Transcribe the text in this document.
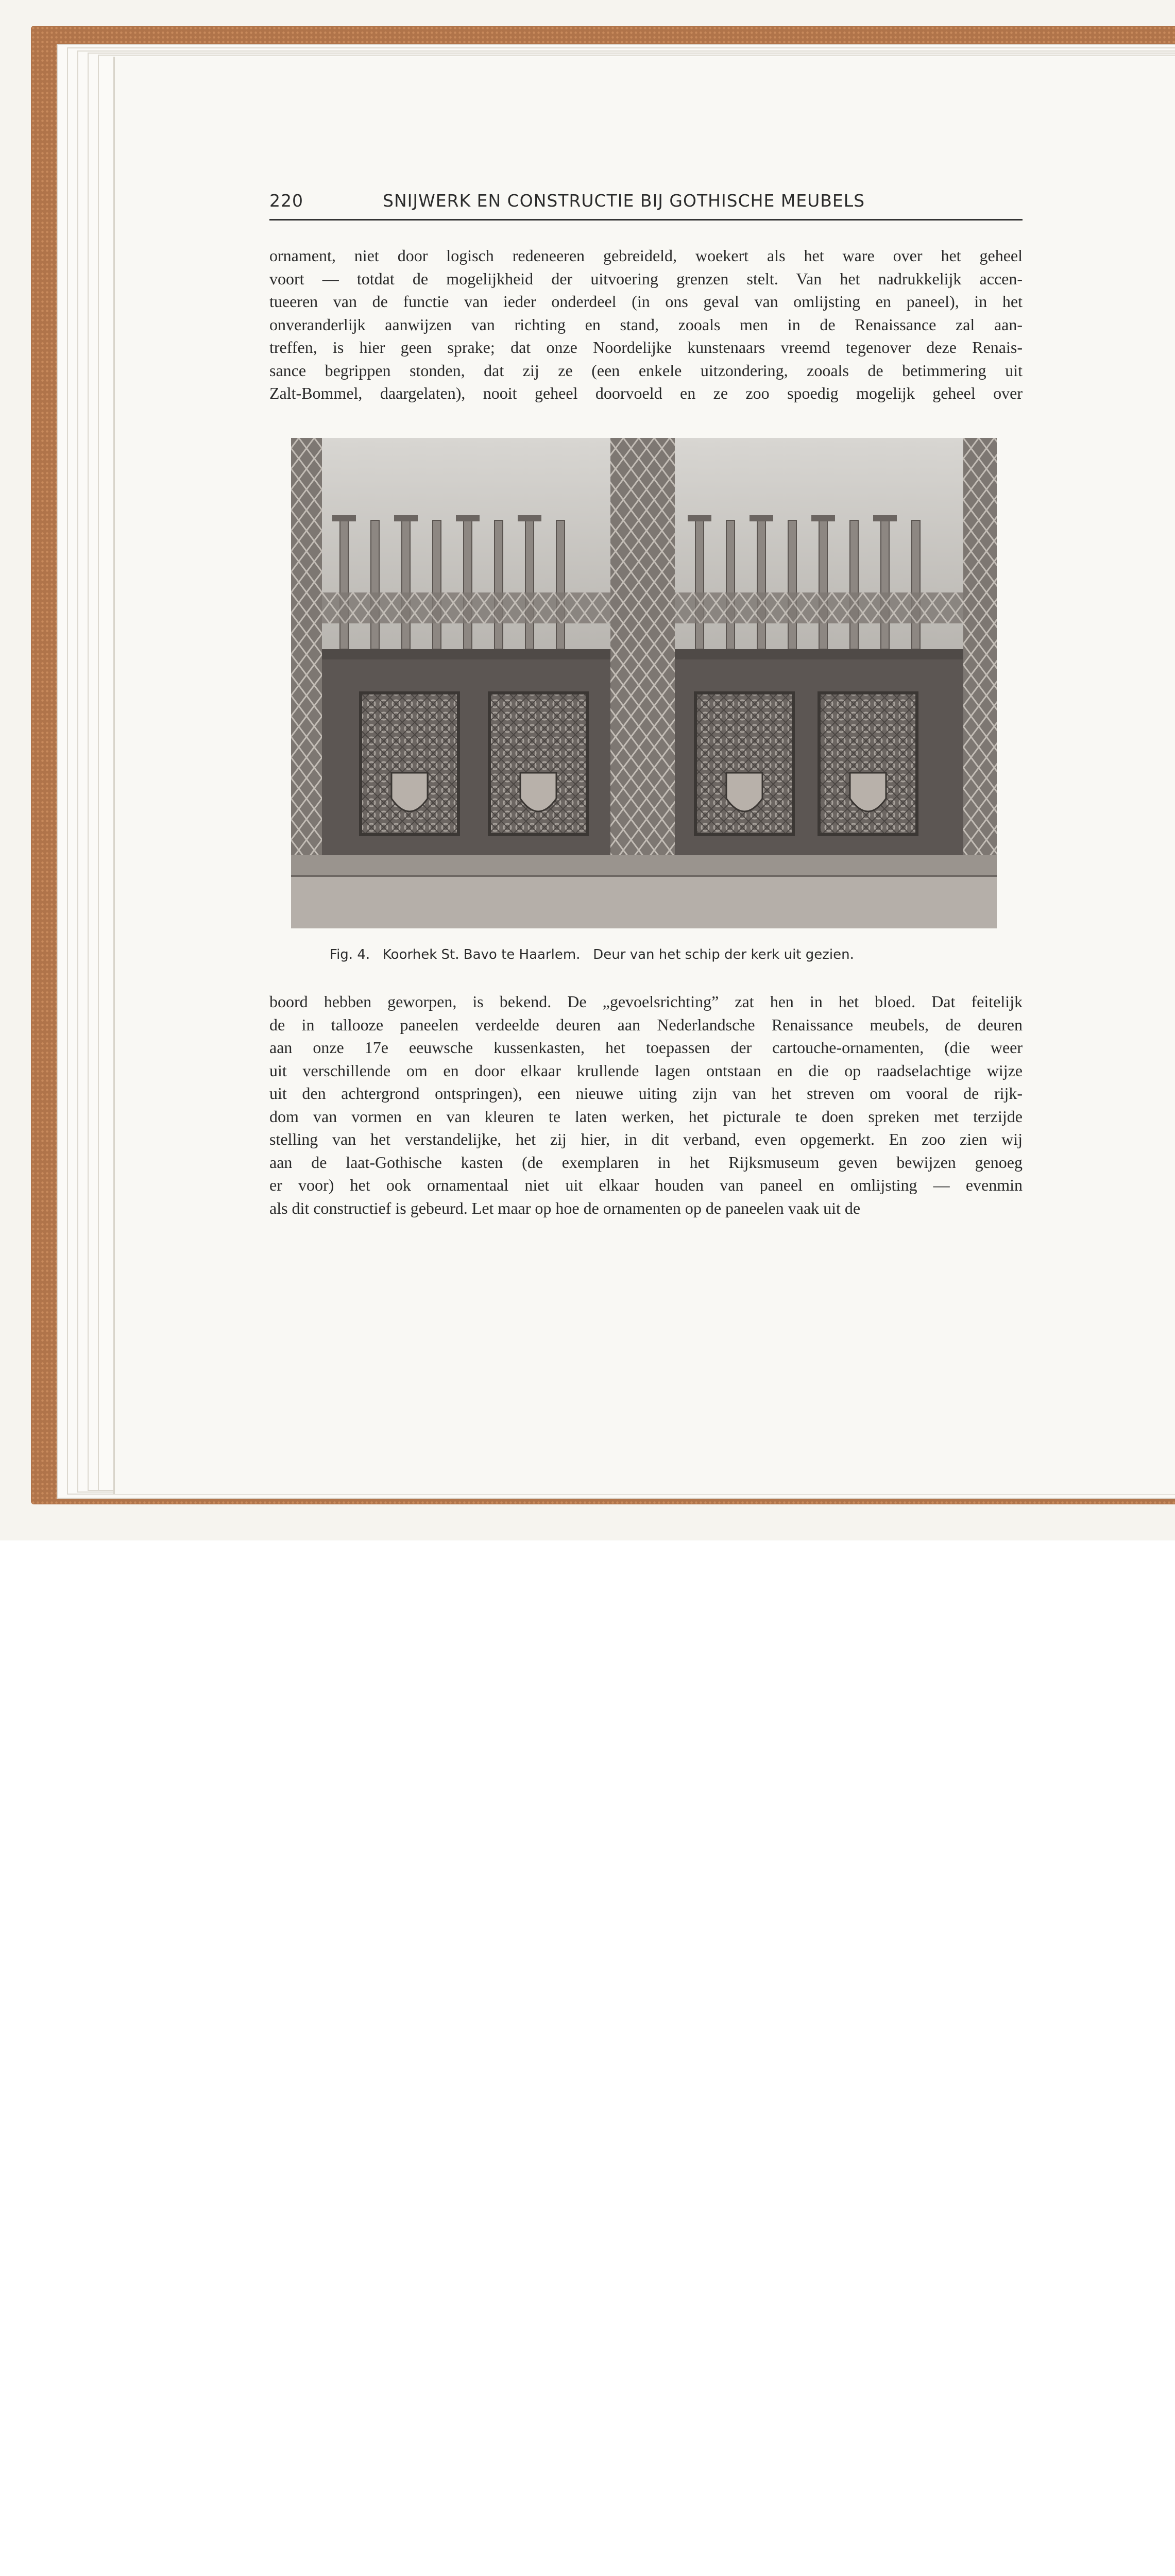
220	SNIJWERK EN CONSTRUCTIE BIJ GOTHISCHE MEUBELS
ornament, niet door logisch redeneeren gebreideld, woekert als het ware over het geheel
voort — totdat de mogelijkheid der uitvoering grenzen stelt. Van het nadrukkelijk accen-
tueeren van de functie van ieder onderdeel (in ons geval van omlijsting en paneel), in het
onveranderlijk aanwijzen van richting en stand, zooals men in de Renaissance zal aan-
treffen, is hier geen sprake; dat onze Noordelijke kunstenaars vreemd tegenover deze Renais-
sance begrippen stonden, dat zij ze (een enkele uitzondering, zooals de betimmering uit
Zalt-Bommel, daargelaten), nooit geheel doorvoeld en ze zoo spoedig mogelijk geheel over
Fig. 4.   Koorhek St. Bavo te Haarlem.   Deur van het schip der kerk uit gezien.
boord hebben geworpen, is bekend. De „gevoelsrichting” zat hen in het bloed. Dat feitelijk
de in tallooze paneelen verdeelde deuren aan Nederlandsche Renaissance meubels, de deuren
aan onze 17e eeuwsche kussenkasten, het toepassen der cartouche-ornamenten, (die weer
uit verschillende om en door elkaar krullende lagen ontstaan en die op raadselachtige wijze
uit den achtergrond ontspringen), een nieuwe uiting zijn van het streven om vooral de rijk-
dom van vormen en van kleuren te laten werken, het picturale te doen spreken met terzijde
stelling van het verstandelijke, het zij hier, in dit verband, even opgemerkt. En zoo zien wij
aan de laat-Gothische kasten (de exemplaren in het Rijksmuseum geven bewijzen genoeg
er voor) het ook ornamentaal niet uit elkaar houden van paneel en omlijsting — evenmin
als dit constructief is gebeurd. Let maar op hoe de ornamenten op de paneelen vaak uit de
